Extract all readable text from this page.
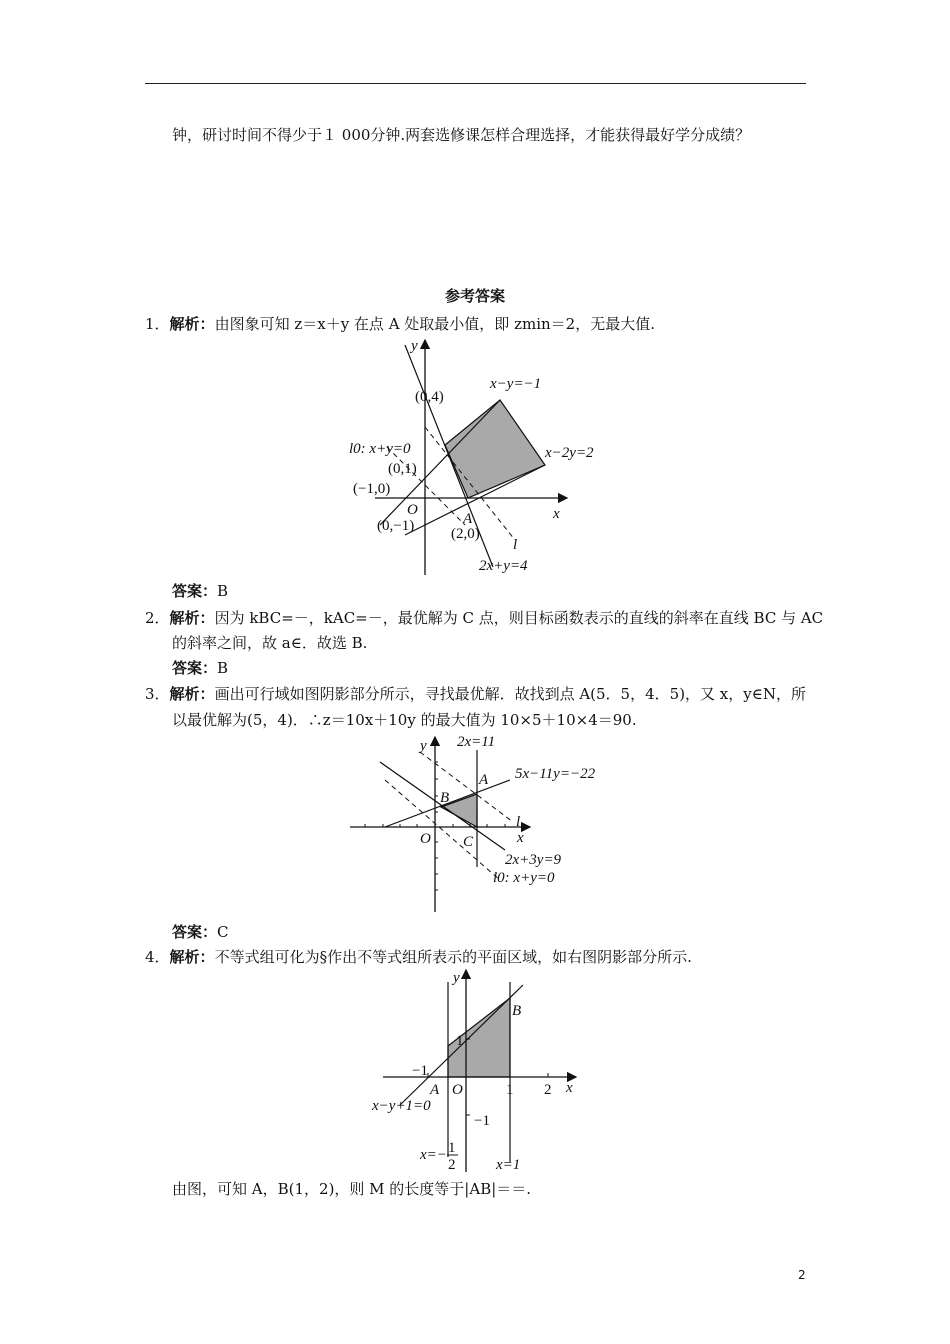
钟，研讨时间不得少于１ 000分钟.两套选修课怎样合理选择，才能获得最好学分成绩？
参考答案
1．解析：由图象可知 z＝x＋y 在点 A 处取最小值，即 zmin＝2，无最大值.
y
x
O
A
l
(0,4)
x−y=−1
x−2y=2
l0: x+y=0
(0,1)
(−1,0)
(0,−1) (2,0)
2x+y=4
答案：B
2．解析：因为 kBC=－，kAC=－，最优解为 C 点，则目标函数表示的直线的斜率在直线 BC 与 AC
的斜率之间，故 a∈．故选 B.
答案：B
3．解析：画出可行域如图阴影部分所示，寻找最优解．故找到点 A(5．5，4．5)，又 x，y∈N，所
以最优解为(5，4)．∴z＝10x＋10y 的最大值为 10×5＋10×4＝90.
y
x
O
A
B
C
l
2x=11
5x−11y=−22
2x+3y=9
l0: x+y=0
答案：C
4．解析：不等式组可化为§作出不等式组所表示的平面区域，如右图阴影部分所示.
y
x
O
A
B
1 2
−1
1
−1
x−y+1=0
x=− 1
2	x=1
由图，可知 A，B(1，2)，则 M 的长度等于|AB|＝＝.
2
